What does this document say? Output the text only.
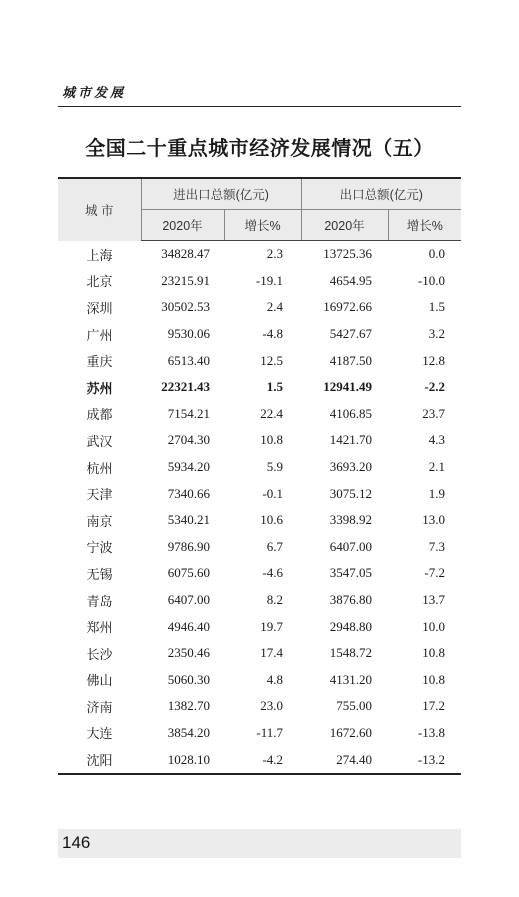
城市发展
全国二十重点城市经济发展情况（五）
城 市	进出口总额(亿元)		出口总额(亿元)	
	2020年	增长%	2020年	增长%
上海	34828.47	2.3	13725.36	0.0
北京	23215.91	-19.1	4654.95	-10.0
深圳	30502.53	2.4	16972.66	1.5
广州	9530.06	-4.8	5427.67	3.2
重庆	6513.40	12.5	4187.50	12.8
苏州	22321.43	1.5	12941.49	-2.2
成都	7154.21	22.4	4106.85	23.7
武汉	2704.30	10.8	1421.70	4.3
杭州	5934.20	5.9	3693.20	2.1
天津	7340.66	-0.1	3075.12	1.9
南京	5340.21	10.6	3398.92	13.0
宁波	9786.90	6.7	6407.00	7.3
无锡	6075.60	-4.6	3547.05	-7.2
青岛	6407.00	8.2	3876.80	13.7
郑州	4946.40	19.7	2948.80	10.0
长沙	2350.46	17.4	1548.72	10.8
佛山	5060.30	4.8	4131.20	10.8
济南	1382.70	23.0	755.00	17.2
大连	3854.20	-11.7	1672.60	-13.8
沈阳	1028.10	-4.2	274.40	-13.2
146
